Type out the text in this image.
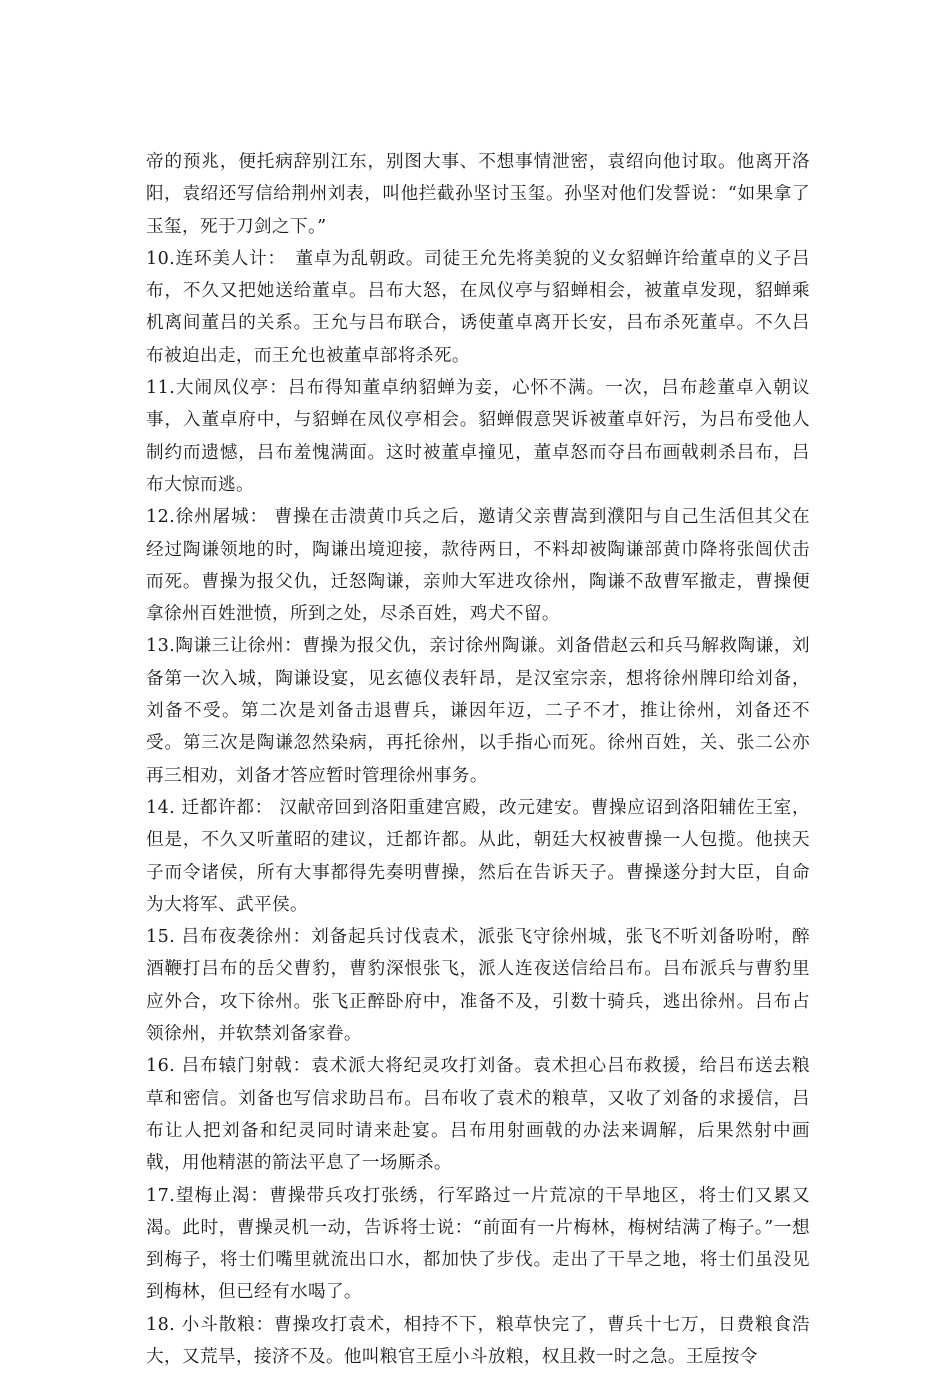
帝的预兆，便托病辞别江东，别图大事、不想事情泄密，袁绍向他讨取。他离开洛阳，袁绍还写信给荆州刘表，叫他拦截孙坚讨玉玺。孙坚对他们发誓说：“如果拿了玉玺，死于刀剑之下。”

10.连环美人计：　董卓为乱朝政。司徒王允先将美貌的义女貂蝉许给董卓的义子吕布，不久又把她送给董卓。吕布大怒，在凤仪亭与貂蝉相会，被董卓发现，貂蝉乘机离间董吕的关系。王允与吕布联合，诱使董卓离开长安，吕布杀死董卓。不久吕布被迫出走，而王允也被董卓部将杀死。

11.大闹凤仪亭：吕布得知董卓纳貂蝉为妾，心怀不满。一次，吕布趁董卓入朝议事，入董卓府中，与貂蝉在凤仪亭相会。貂蝉假意哭诉被董卓奸污，为吕布受他人制约而遗憾，吕布羞愧满面。这时被董卓撞见，董卓怒而夺吕布画戟刺杀吕布，吕布大惊而逃。

12.徐州屠城： 曹操在击溃黄巾兵之后，邀请父亲曹嵩到濮阳与自己生活但其父在经过陶谦领地的时，陶谦出境迎接，款待两日，不料却被陶谦部黄巾降将张闿伏击而死。曹操为报父仇，迁怒陶谦，亲帅大军进攻徐州，陶谦不敌曹军撤走，曹操便拿徐州百姓泄愤，所到之处，尽杀百姓，鸡犬不留。

13.陶谦三让徐州：曹操为报父仇，亲讨徐州陶谦。刘备借赵云和兵马解救陶谦，刘备第一次入城，陶谦设宴，见玄德仪表轩昂，是汉室宗亲，想将徐州牌印给刘备，刘备不受。第二次是刘备击退曹兵，谦因年迈，二子不才，推让徐州，刘备还不受。第三次是陶谦忽然染病，再托徐州，以手指心而死。徐州百姓，关、张二公亦再三相劝，刘备才答应暂时管理徐州事务。

14. 迁都许都： 汉献帝回到洛阳重建宫殿，改元建安。曹操应诏到洛阳辅佐王室，但是，不久又听董昭的建议，迁都许都。从此，朝廷大权被曹操一人包揽。他挟天子而令诸侯，所有大事都得先奏明曹操，然后在告诉天子。曹操遂分封大臣，自命为大将军、武平侯。

15. 吕布夜袭徐州：刘备起兵讨伐袁术，派张飞守徐州城，张飞不听刘备吩咐，醉酒鞭打吕布的岳父曹豹，曹豹深恨张飞，派人连夜送信给吕布。吕布派兵与曹豹里应外合，攻下徐州。张飞正醉卧府中，准备不及，引数十骑兵，逃出徐州。吕布占领徐州，并软禁刘备家眷。

16. 吕布辕门射戟：袁术派大将纪灵攻打刘备。袁术担心吕布救援，给吕布送去粮草和密信。刘备也写信求助吕布。吕布收了袁术的粮草，又收了刘备的求援信，吕布让人把刘备和纪灵同时请来赴宴。吕布用射画戟的办法来调解，后果然射中画戟，用他精湛的箭法平息了一场厮杀。

17.望梅止渴：曹操带兵攻打张绣，行军路过一片荒凉的干旱地区，将士们又累又渴。此时，曹操灵机一动，告诉将士说：“前面有一片梅林，梅树结满了梅子。”一想到梅子，将士们嘴里就流出口水，都加快了步伐。走出了干旱之地，将士们虽没见到梅林，但已经有水喝了。

18. 小斗散粮：曹操攻打袁术，相持不下，粮草快完了，曹兵十七万，日费粮食浩大，又荒旱，接济不及。他叫粮官王垕小斗放粮，权且救一时之急。王垕按令
